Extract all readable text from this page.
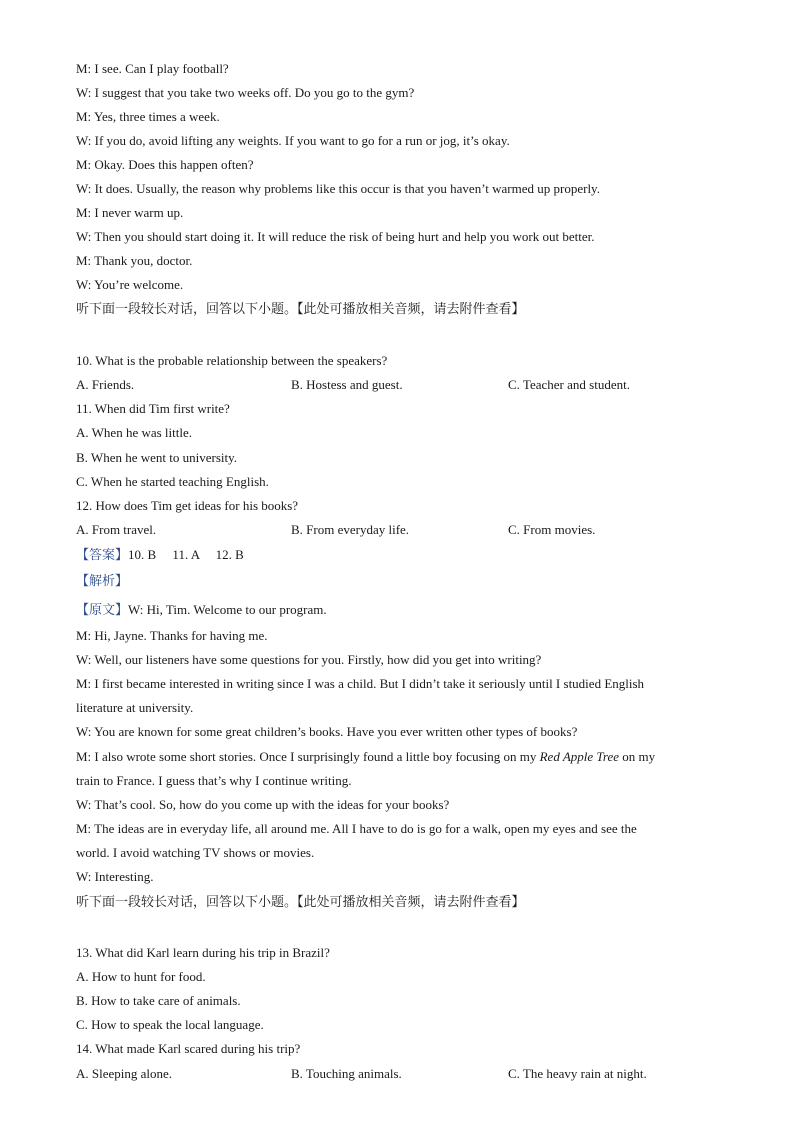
M: I see. Can I play football?
W: I suggest that you take two weeks off. Do you go to the gym?
M: Yes, three times a week.
W: If you do, avoid lifting any weights. If you want to go for a run or jog, it’s okay.
M: Okay. Does this happen often?
W: It does. Usually, the reason why problems like this occur is that you haven’t warmed up properly.
M: I never warm up.
W: Then you should start doing it. It will reduce the risk of being hurt and help you work out better.
M: Thank you, doctor.
W: You’re welcome.
听下面一段较长对话，回答以下小题。【此处可播放相关音频，请去附件查看】
10. What is the probable relationship between the speakers?
A. Friends.	B. Hostess and guest.	C. Teacher and student.
11. When did Tim first write?
A. When he was little.
B. When he went to university.
C. When he started teaching English.
12. How does Tim get ideas for his books?
A. From travel.	B. From everyday life.	C. From movies.
【答案】10. B     11. A     12. B
【解析】
【原文】W: Hi, Tim. Welcome to our program.
M: Hi, Jayne. Thanks for having me.
W: Well, our listeners have some questions for you. Firstly, how did you get into writing?
M: I first became interested in writing since I was a child. But I didn’t take it seriously until I studied English
literature at university.
W: You are known for some great children’s books. Have you ever written other types of books?
M: I also wrote some short stories. Once I surprisingly found a little boy focusing on my Red Apple Tree on my
train to France. I guess that’s why I continue writing.
W: That’s cool. So, how do you come up with the ideas for your books?
M: The ideas are in everyday life, all around me. All I have to do is go for a walk, open my eyes and see the
world. I avoid watching TV shows or movies.
W: Interesting.
听下面一段较长对话，回答以下小题。【此处可播放相关音频，请去附件查看】
13. What did Karl learn during his trip in Brazil?
A. How to hunt for food.
B. How to take care of animals.
C. How to speak the local language.
14. What made Karl scared during his trip?
A. Sleeping alone.	B. Touching animals.	C. The heavy rain at night.
